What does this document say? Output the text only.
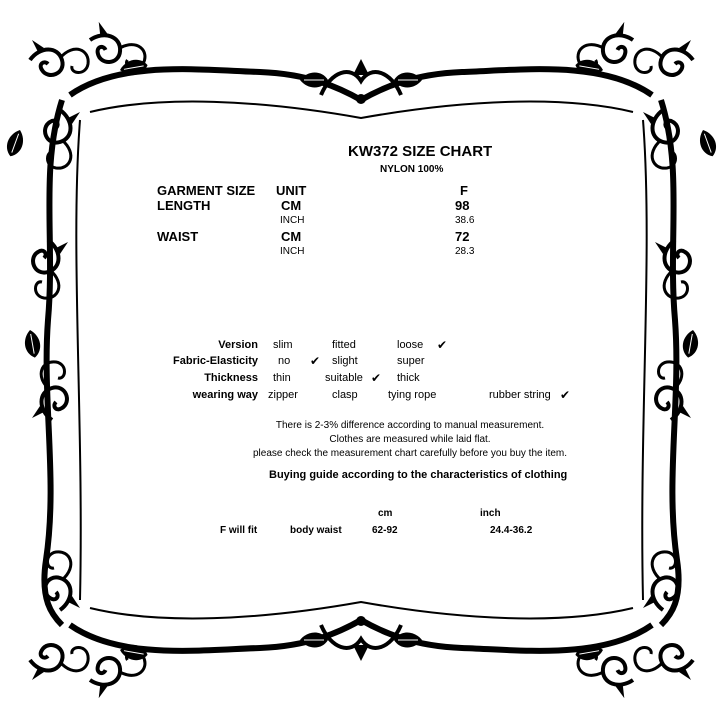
KW372 SIZE CHART
NYLON 100%
GARMENT SIZE UNIT	F
LENGTH	CM	98
INCH	38.6
WAIST	CM	72
INCH	28.3
Version slim	fitted	loose ✔
Fabric-Elasticity no ✔ slight	super
Thickness thin	suitable ✔ thick
wearing way zipper	clasp	tying rope	rubber string ✔
There is 2-3% difference according to manual measurement.
Clothes are measured while laid flat.
please check the measurement chart carefully before you buy the item.
Buying guide according to the characteristics of clothing
cm	inch
F will fit	body waist	62-92	24.4-36.2
